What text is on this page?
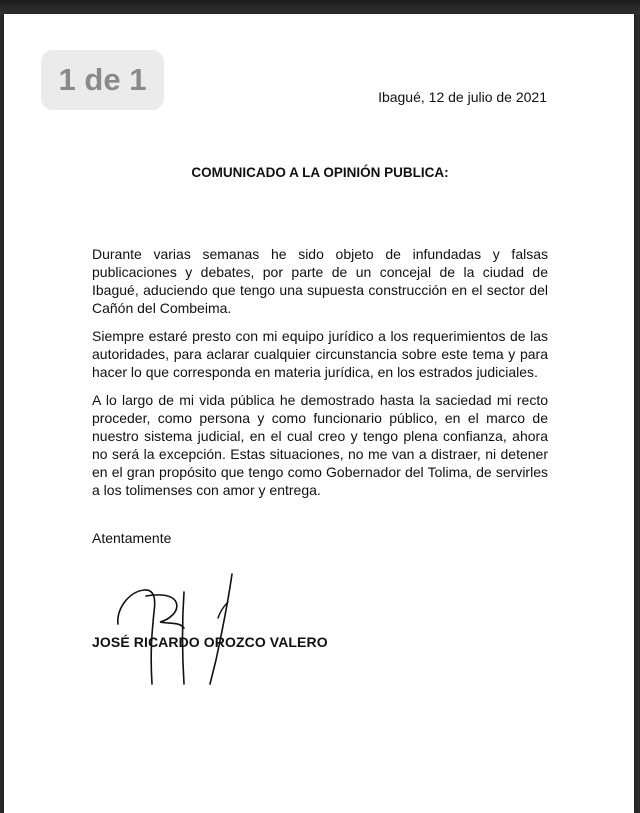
1 de 1	Ibagué, 12 de julio de 2021
COMUNICADO A LA OPINIÓN PUBLICA:

Durante varias semanas he sido objeto de infundadas y falsas publicaciones y debates, por parte de un concejal de la ciudad de Ibagué, aduciendo que tengo una supuesta construcción en el sector del Cañón del Combeima.

Siempre estaré presto con mi equipo jurídico a los requerimientos de las autoridades, para aclarar cualquier circunstancia sobre este tema y para hacer lo que corresponda en materia jurídica, en los estrados judiciales.

A lo largo de mi vida pública he demostrado hasta la saciedad mi recto proceder, como persona y como funcionario público, en el marco de nuestro sistema judicial, en el cual creo y tengo plena confianza, ahora no será la excepción. Estas situaciones, no me van a distraer, ni detener en el gran propósito que tengo como Gobernador del Tolima, de servirles a los tolimenses con amor y entrega.

Atentamente
JOSÉ RICARDO OROZCO VALERO
